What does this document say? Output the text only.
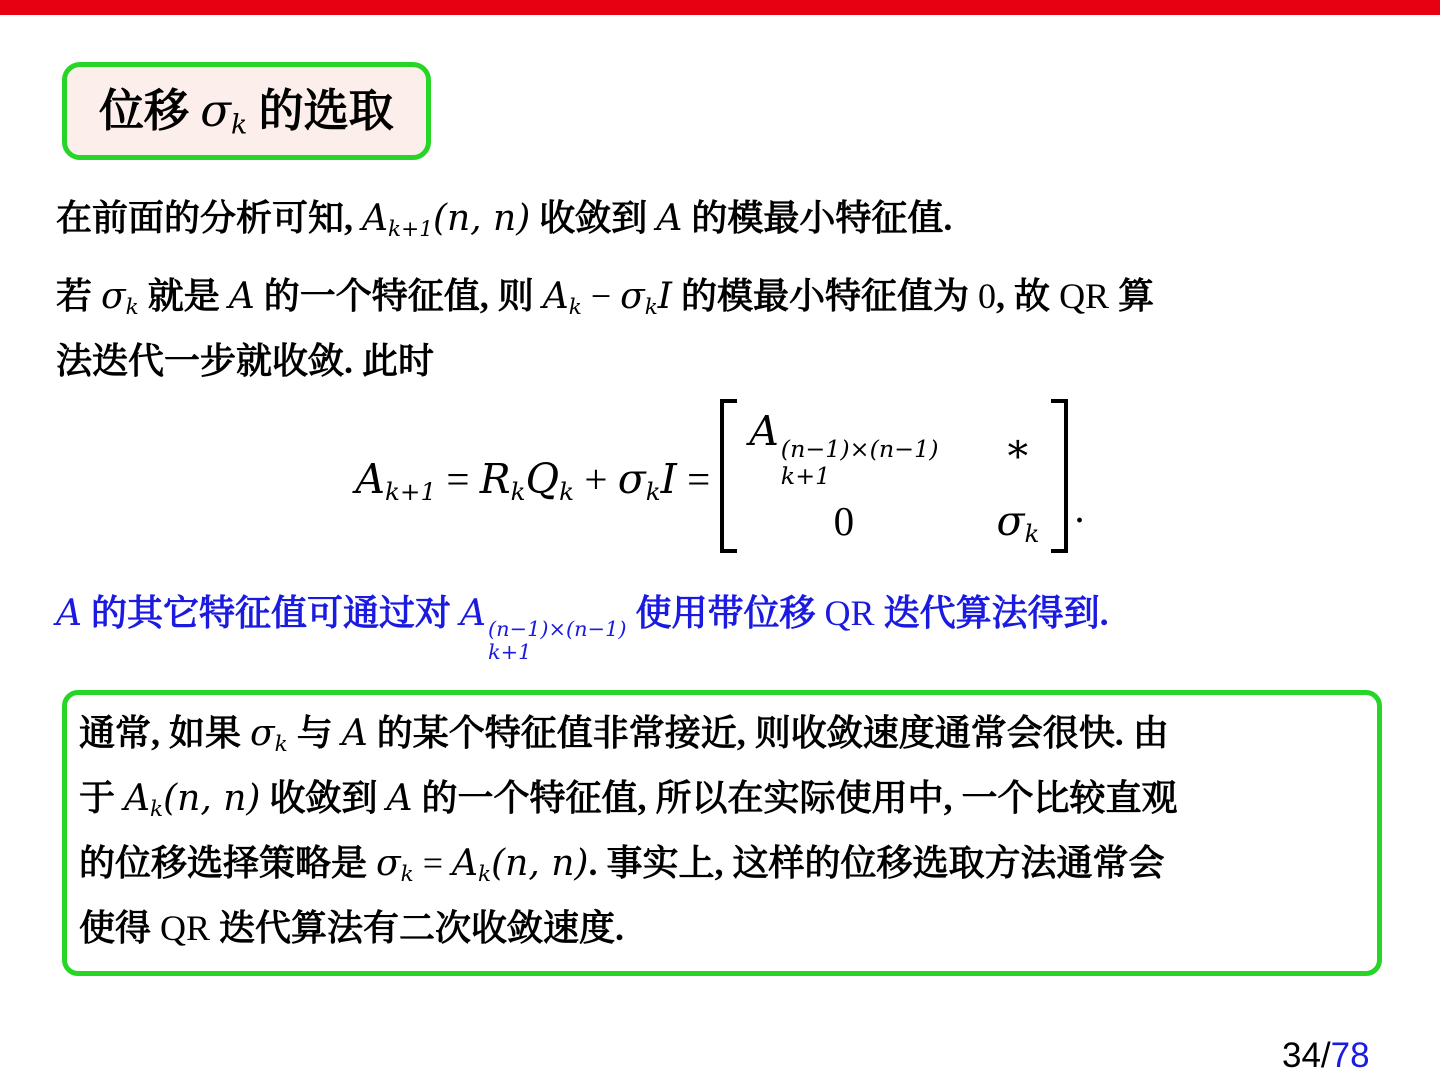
位移 $\sigma_k$ 的选取
在前面的分析可知, $A_{k+1}(n$, n) 收敛到 A 的模最小特征值.
若 $\sigma_k$ 就是 A 的一个特征值, 则 $A_k - \sigma_kI$ 的模最小特征值为 0, 故 QR 算
法迭代一步就收敛. 此时
$A_{k+1} = R_kQ_k + \sigma_kI$ =
A (n−1)×(n−1)
k+1
∗
0	$\sigma_k$
.
A 的其它特征值可通过对 A (n−1)×(n−1)
k+1
使用带位移 QR 迭代算法得到.
通常, 如果 $\sigma_k$ 与 A 的某个特征值非常接近, 则收敛速度通常会很快. 由
于 $A_k(n$, n) 收敛到 A 的一个特征值, 所以在实际使用中, 一个比较直观
的位移选择策略是 $\sigma_k = A_k(n$, n). 事实上, 这样的位移选取方法通常会
使得 QR 迭代算法有二次收敛速度.
34/78
